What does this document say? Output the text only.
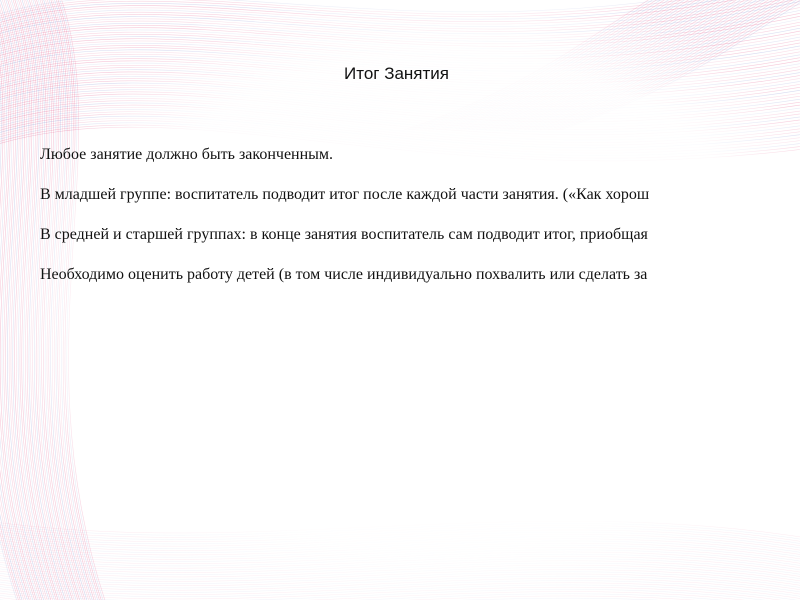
Итог Занятия

Любое занятие должно быть законченным.

В младшей группе: воспитатель подводит итог после каждой части занятия. («Как хорош

В средней и старшей группах: в конце занятия воспитатель сам подводит итог, приобщая

Необходимо оценить работу детей (в том числе индивидуально похвалить или сделать за
